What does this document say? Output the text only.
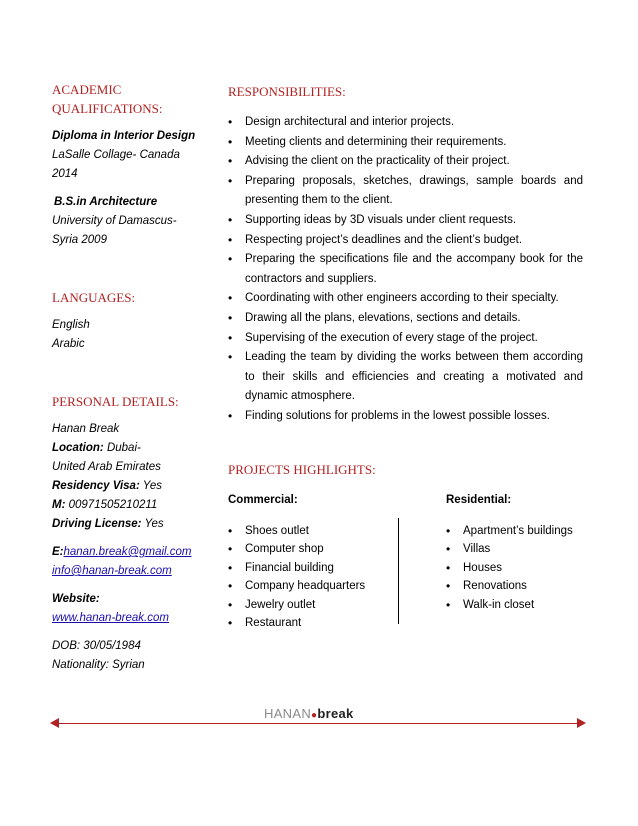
ACADEMIC QUALIFICATIONS:
Diploma in Interior Design
LaSalle Collage- Canada
2014
B.S.in Architecture
University of Damascus-
Syria 2009
LANGUAGES:
English
Arabic
PERSONAL DETAILS:
Hanan Break
Location: Dubai-
United Arab Emirates
Residency Visa: Yes
M: 00971505210211
Driving License: Yes
E:hanan.break@gmail.com
info@hanan-break.com
Website:
www.hanan-break.com
DOB: 30/05/1984
Nationality: Syrian
RESPONSIBILITIES:
• Design architectural and interior projects.
• Meeting clients and determining their requirements.
• Advising the client on the practicality of their project.
• Preparing proposals, sketches, drawings, sample boards and presenting them to the client.
• Supporting ideas by 3D visuals under client requests.
• Respecting project’s deadlines and the client’s budget.
• Preparing the specifications file and the accompany book for the contractors and suppliers.
• Coordinating with other engineers according to their specialty.
• Drawing all the plans, elevations, sections and details.
• Supervising of the execution of every stage of the project.
• Leading the team by dividing the works between them according to their skills and efficiencies and creating a motivated and dynamic atmosphere.
• Finding solutions for problems in the lowest possible losses.
PROJECTS HIGHLIGHTS:
Commercial:	Residential:
• Shoes outlet
• Computer shop
• Financial building
• Company headquarters
• Jewelry outlet
• Restaurant
• Apartment’s buildings
• Villas
• Houses
• Renovations
• Walk-in closet
HANAN●break
